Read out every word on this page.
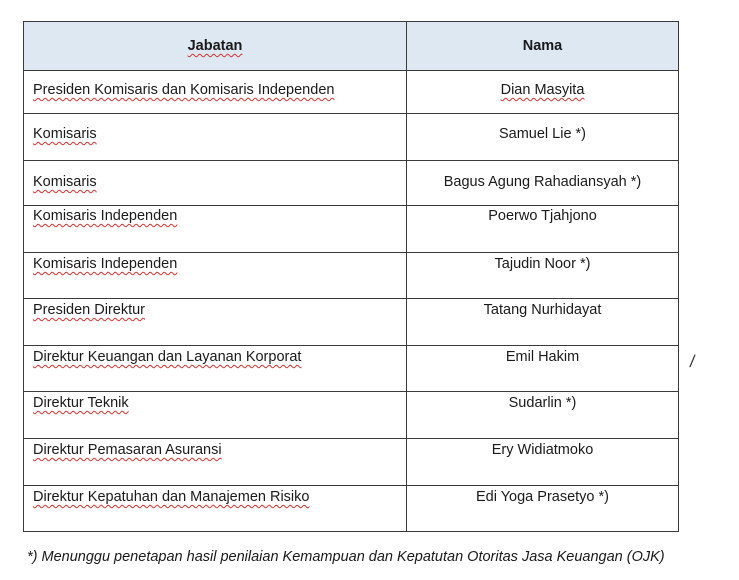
Jabatan	Nama
Presiden Komisaris dan Komisaris Independen	Dian Masyita
Komisaris	Samuel Lie *)
Komisaris	Bagus Agung Rahadiansyah *)
Komisaris Independen	Poerwo Tjahjono
Komisaris Independen	Tajudin Noor *)
Presiden Direktur	Tatang Nurhidayat
Direktur Keuangan dan Layanan Korporat	Emil Hakim
Direktur Teknik	Sudarlin *)
Direktur Pemasaran Asuransi	Ery Widiatmoko
Direktur Kepatuhan dan Manajemen Risiko	Edi Yoga Prasetyo *)
/
*) Menunggu penetapan hasil penilaian Kemampuan dan Kepatutan Otoritas Jasa Keuangan (OJK)
